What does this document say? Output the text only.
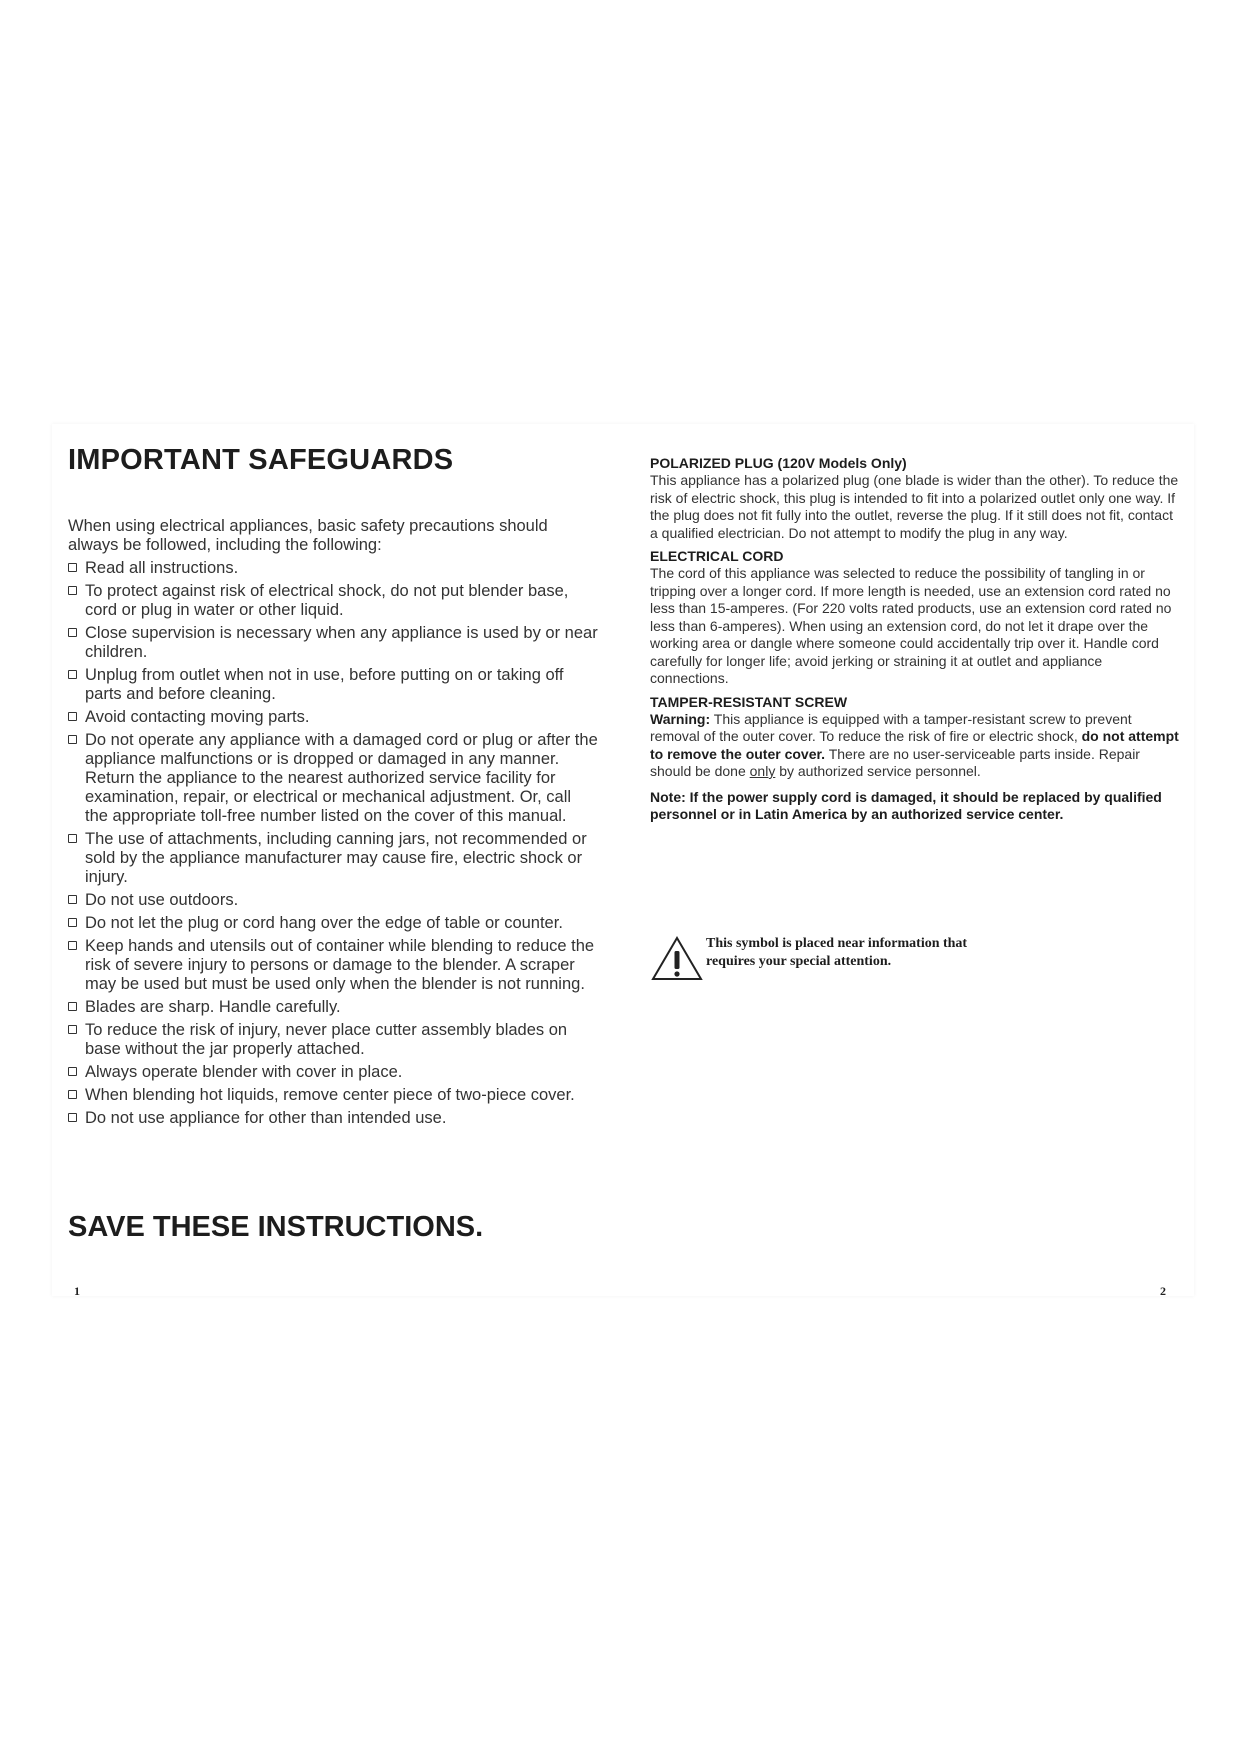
IMPORTANT SAFEGUARDS
When using electrical appliances, basic safety precautions should always be followed, including the following:
Read all instructions.
To protect against risk of electrical shock, do not put blender base, cord or plug in water or other liquid.
Close supervision is necessary when any appliance is used by or near children.
Unplug from outlet when not in use, before putting on or taking off parts and before cleaning.
Avoid contacting moving parts.
Do not operate any appliance with a damaged cord or plug or after the appliance malfunctions or is dropped or damaged in any manner. Return the appliance to the nearest authorized service facility for examination, repair, or electrical or mechanical adjustment. Or, call the appropriate toll-free number listed on the cover of this manual.
The use of attachments, including canning jars, not recommended or sold by the appliance manufacturer may cause fire, electric shock or injury.
Do not use outdoors.
Do not let the plug or cord hang over the edge of table or counter.
Keep hands and utensils out of container while blending to reduce the risk of severe injury to persons or damage to the blender. A scraper may be used but must be used only when the blender is not running.
Blades are sharp. Handle carefully.
To reduce the risk of injury, never place cutter assembly blades on base without the jar properly attached.
Always operate blender with cover in place.
When blending hot liquids, remove center piece of two-piece cover.
Do not use appliance for other than intended use.
SAVE THESE INSTRUCTIONS.
1

POLARIZED PLUG (120V Models Only)

This appliance has a polarized plug (one blade is wider than the other). To reduce the risk of electric shock, this plug is intended to fit into a polarized outlet only one way. If the plug does not fit fully into the outlet, reverse the plug. If it still does not fit, contact a qualified electrician. Do not attempt to modify the plug in any way.

ELECTRICAL CORD

The cord of this appliance was selected to reduce the possibility of tangling in or tripping over a longer cord. If more length is needed, use an extension cord rated no less than 15-amperes. (For 220 volts rated products, use an extension cord rated no less than 6-amperes). When using an extension cord, do not let it drape over the working area or dangle where someone could accidentally trip over it. Handle cord carefully for longer life; avoid jerking or straining it at outlet and appliance connections.

TAMPER-RESISTANT SCREW

Warning: This appliance is equipped with a tamper-resistant screw to prevent removal of the outer cover. To reduce the risk of fire or electric shock, do not attempt to remove the outer cover. There are no user-serviceable parts inside. Repair should be done only by authorized service personnel.

Note: If the power supply cord is damaged, it should be replaced by qualified personnel or in Latin America by an authorized service center.
This symbol is placed near information that
requires your special attention.
2
